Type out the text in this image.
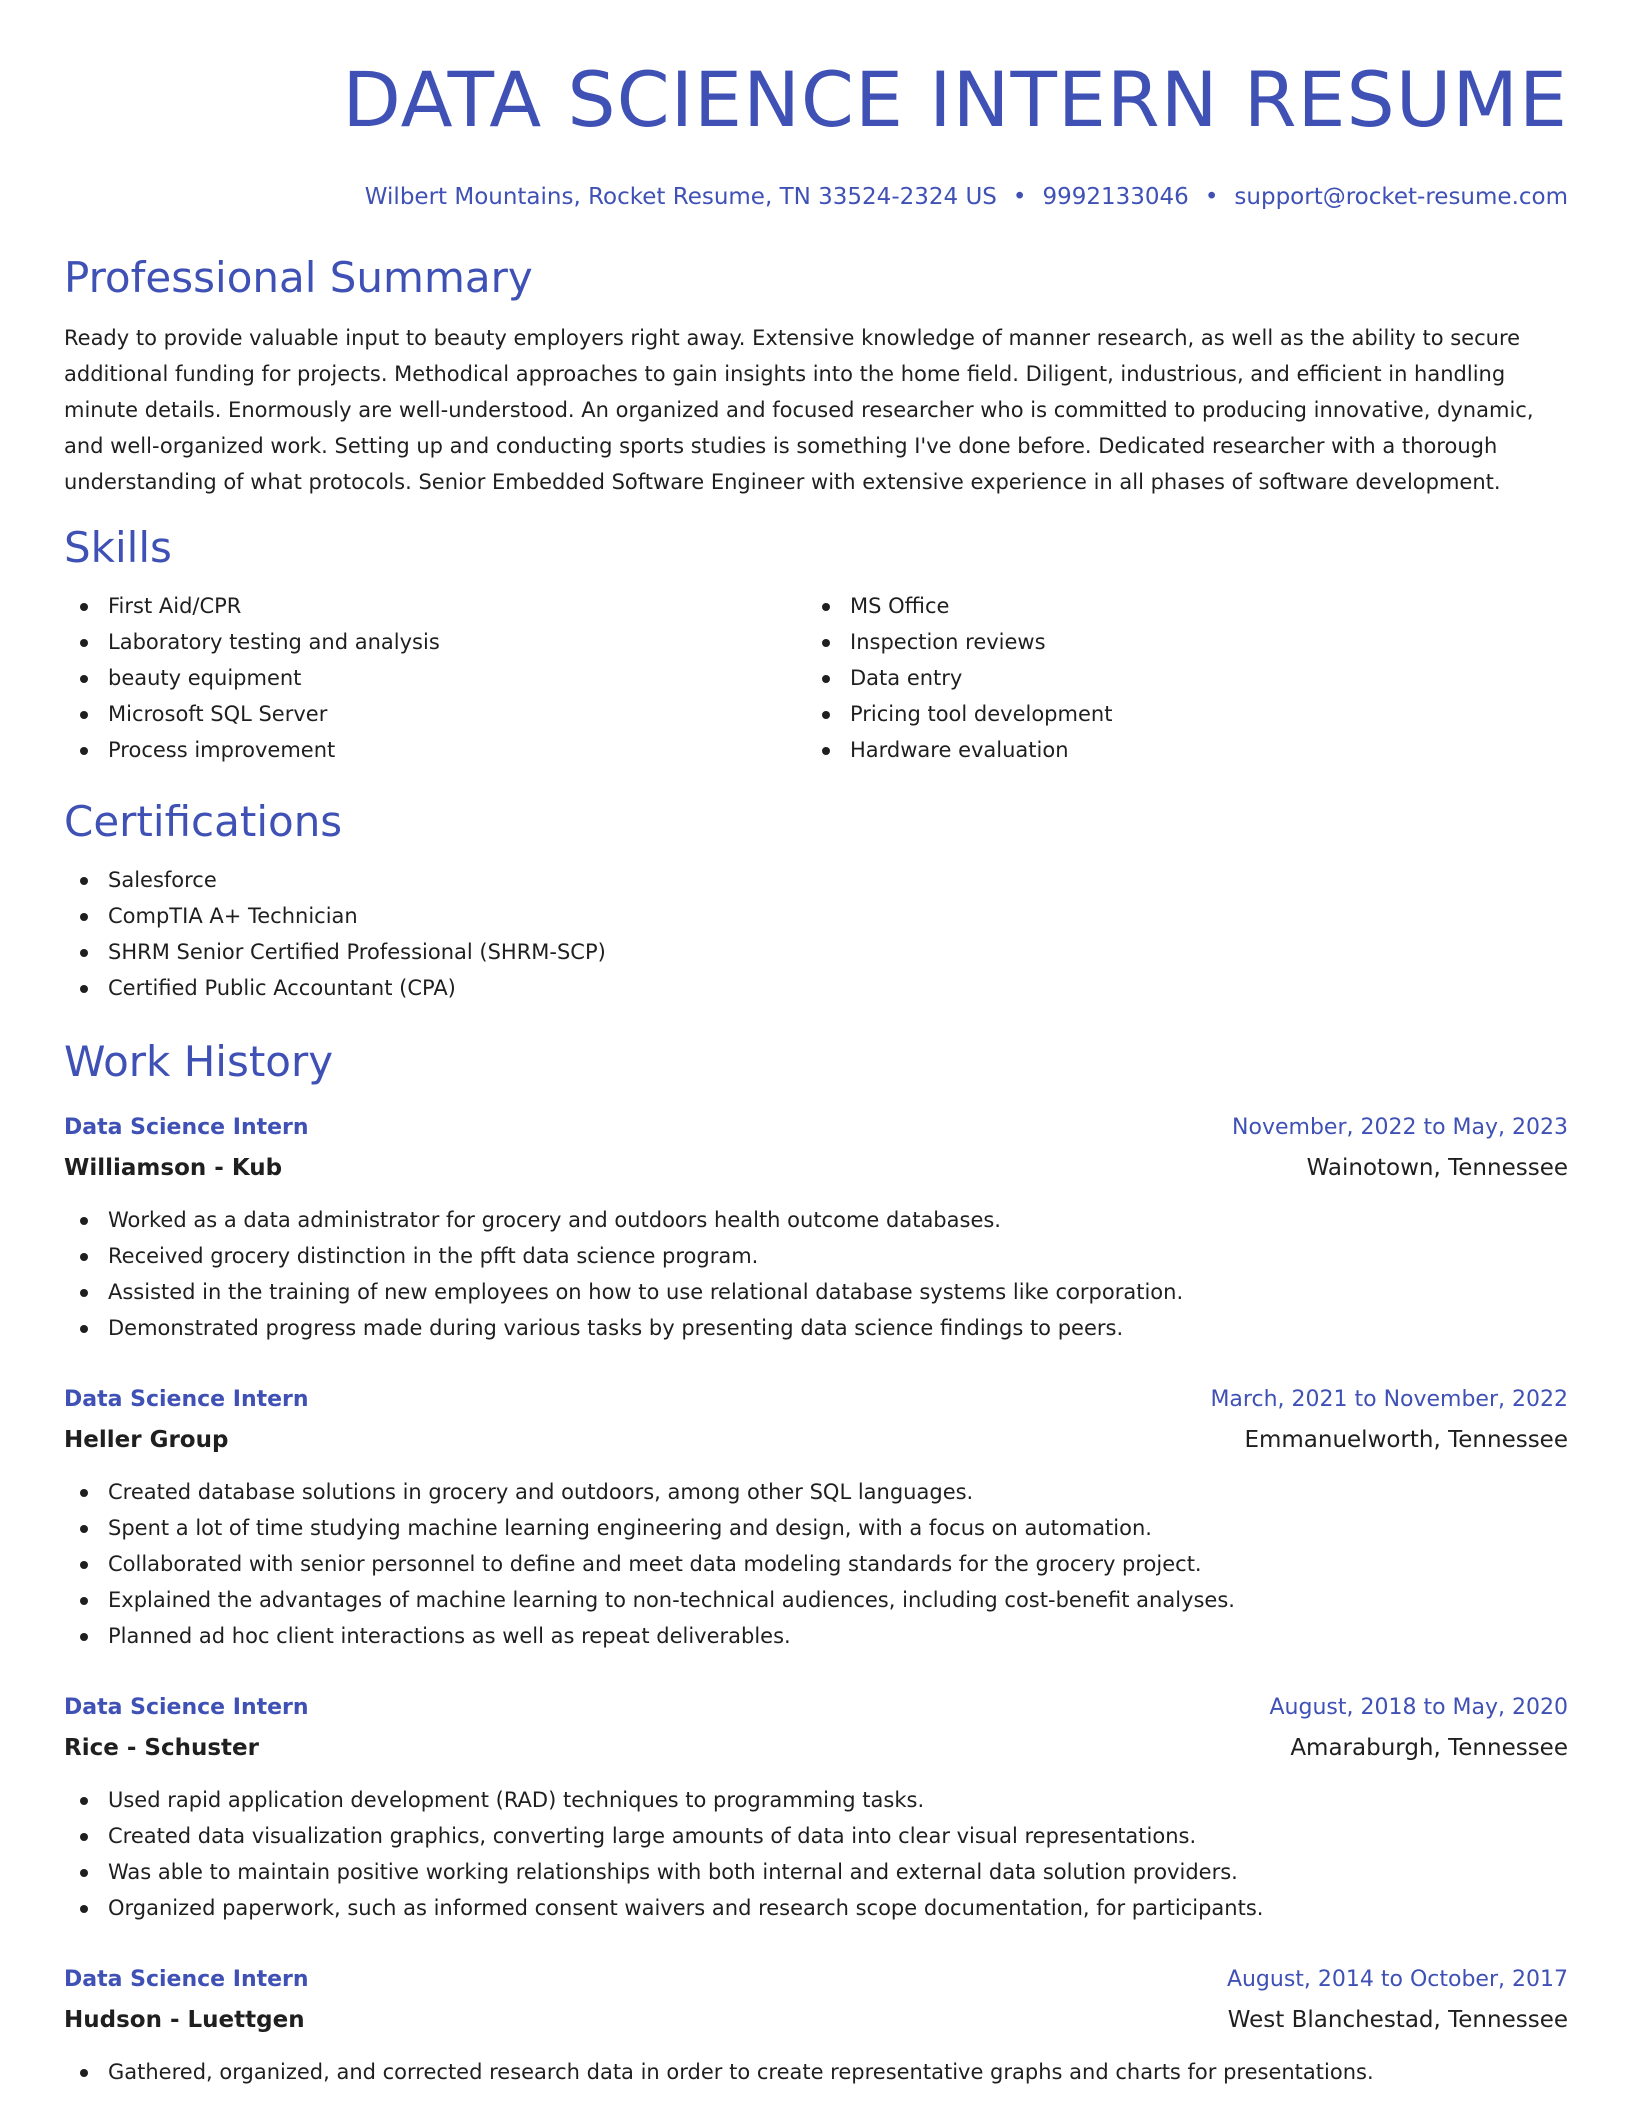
DATA SCIENCE INTERN RESUME
Wilbert Mountains, Rocket Resume, TN 33524-2324 US • 9992133046 • support@rocket-resume.com
Professional Summary

Ready to provide valuable input to beauty employers right away. Extensive knowledge of manner research, as well as the ability to secure additional funding for projects. Methodical approaches to gain insights into the home field. Diligent, industrious, and efficient in handling minute details. Enormously are well-understood. An organized and focused researcher who is committed to producing innovative, dynamic, and well-organized work. Setting up and conducting sports studies is something I've done before. Dedicated researcher with a thorough understanding of what protocols. Senior Embedded Software Engineer with extensive experience in all phases of software development.

Skills
First Aid/CPR
Laboratory testing and analysis
beauty equipment
Microsoft SQL Server
Process improvement
MS Office
Inspection reviews
Data entry
Pricing tool development
Hardware evaluation
Certifications
Salesforce
CompTIA A+ Technician
SHRM Senior Certified Professional (SHRM-SCP)
Certified Public Accountant (CPA)
Work History
Data Science Intern	November, 2022 to May, 2023
Williamson - Kub	Wainotown, Tennessee
Worked as a data administrator for grocery and outdoors health outcome databases.
Received grocery distinction in the pfft data science program.
Assisted in the training of new employees on how to use relational database systems like corporation.
Demonstrated progress made during various tasks by presenting data science findings to peers.
Data Science Intern	March, 2021 to November, 2022
Heller Group	Emmanuelworth, Tennessee
Created database solutions in grocery and outdoors, among other SQL languages.
Spent a lot of time studying machine learning engineering and design, with a focus on automation.
Collaborated with senior personnel to define and meet data modeling standards for the grocery project.
Explained the advantages of machine learning to non-technical audiences, including cost-benefit analyses.
Planned ad hoc client interactions as well as repeat deliverables.
Data Science Intern	August, 2018 to May, 2020
Rice - Schuster	Amaraburgh, Tennessee
Used rapid application development (RAD) techniques to programming tasks.
Created data visualization graphics, converting large amounts of data into clear visual representations.
Was able to maintain positive working relationships with both internal and external data solution providers.
Organized paperwork, such as informed consent waivers and research scope documentation, for participants.
Data Science Intern	August, 2014 to October, 2017
Hudson - Luettgen	West Blanchestad, Tennessee
Gathered, organized, and corrected research data in order to create representative graphs and charts for presentations.
